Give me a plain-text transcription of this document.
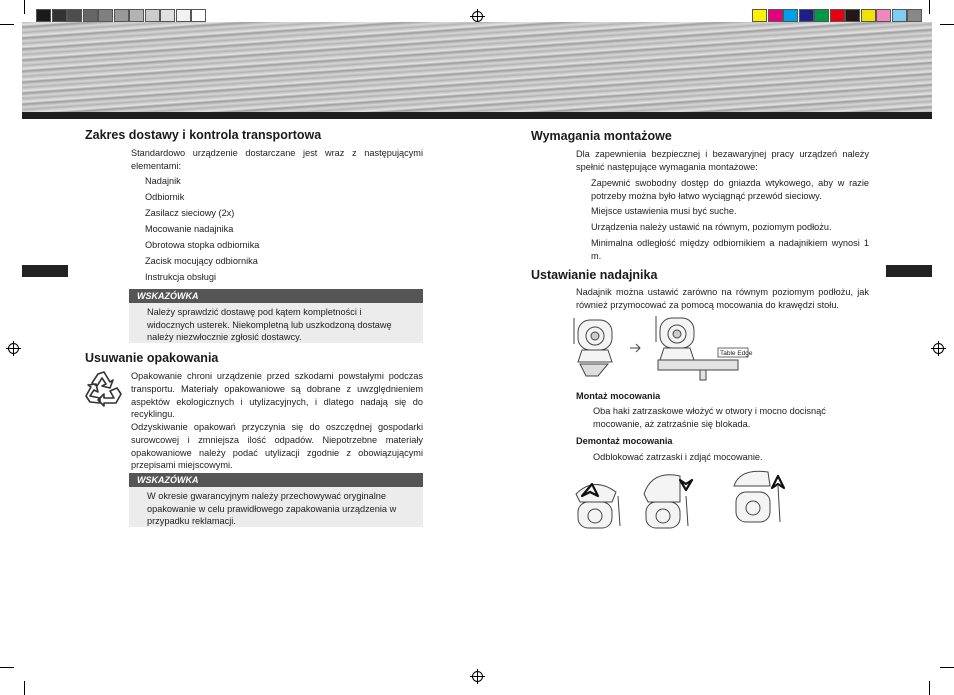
Zakres dostawy i kontrola transportowa
Standardowo urządzenie dostarczane jest wraz z następującymi elementami:
Nadajnik
Odbiornik
Zasilacz sieciowy (2x)
Mocowanie nadajnika
Obrotowa stopka odbiornika
Zacisk mocujący odbiornika
Instrukcja obsługi
WSKAZÓWKA
Należy sprawdzić dostawę pod kątem kompletności i
widocznych usterek. Niekompletną lub uszkodzoną dostawę
należy niezwłocznie zgłosić dostawcy.
Usuwanie opakowania
Opakowanie chroni urządzenie przed szkodami powstałymi podczas transportu. Materiały opakowaniowe są dobrane z uwzględnieniem aspektów ekologicznych i utylizacyjnych, i dlatego nadają się do recyklingu.
Odzyskiwanie opakowań przyczynia się do oszczędnej gospodarki surowcowej i zmniejsza ilość odpadów. Niepotrzebne materiały opakowaniowe należy podać utylizacji zgodnie z obowiązującymi przepisami miejscowymi.
WSKAZÓWKA
W okresie gwarancyjnym należy przechowywać oryginalne
opakowanie w celu prawidłowego zapakowania urządzenia w
przypadku reklamacji.
Wymagania montażowe
Dla zapewnienia bezpiecznej i bezawaryjnej pracy urządzeń należy spełnić następujące wymagania montażowe:
Zapewnić swobodny dostęp do gniazda wtykowego, aby w razie potrzeby można było łatwo wyciągnąć przewód sieciowy.
Miejsce ustawienia musi być suche.
Urządzenia należy ustawić na równym, poziomym podłożu.
Minimalna odległość między odbiornikiem a nadajnikiem wynosi 1 m.
Ustawianie nadajnika
Nadajnik można ustawić zarówno na równym poziomym podłożu, jak również przymocować za pomocą mocowania do krawędzi stołu.
Table Edge
Montaż mocowania
Oba haki zatrzaskowe włożyć w otwory i mocno docisnąć mocowanie, aż zatrzaśnie się blokada.
Demontaż mocowania
Odblokować zatrzaski i zdjąć mocowanie.
